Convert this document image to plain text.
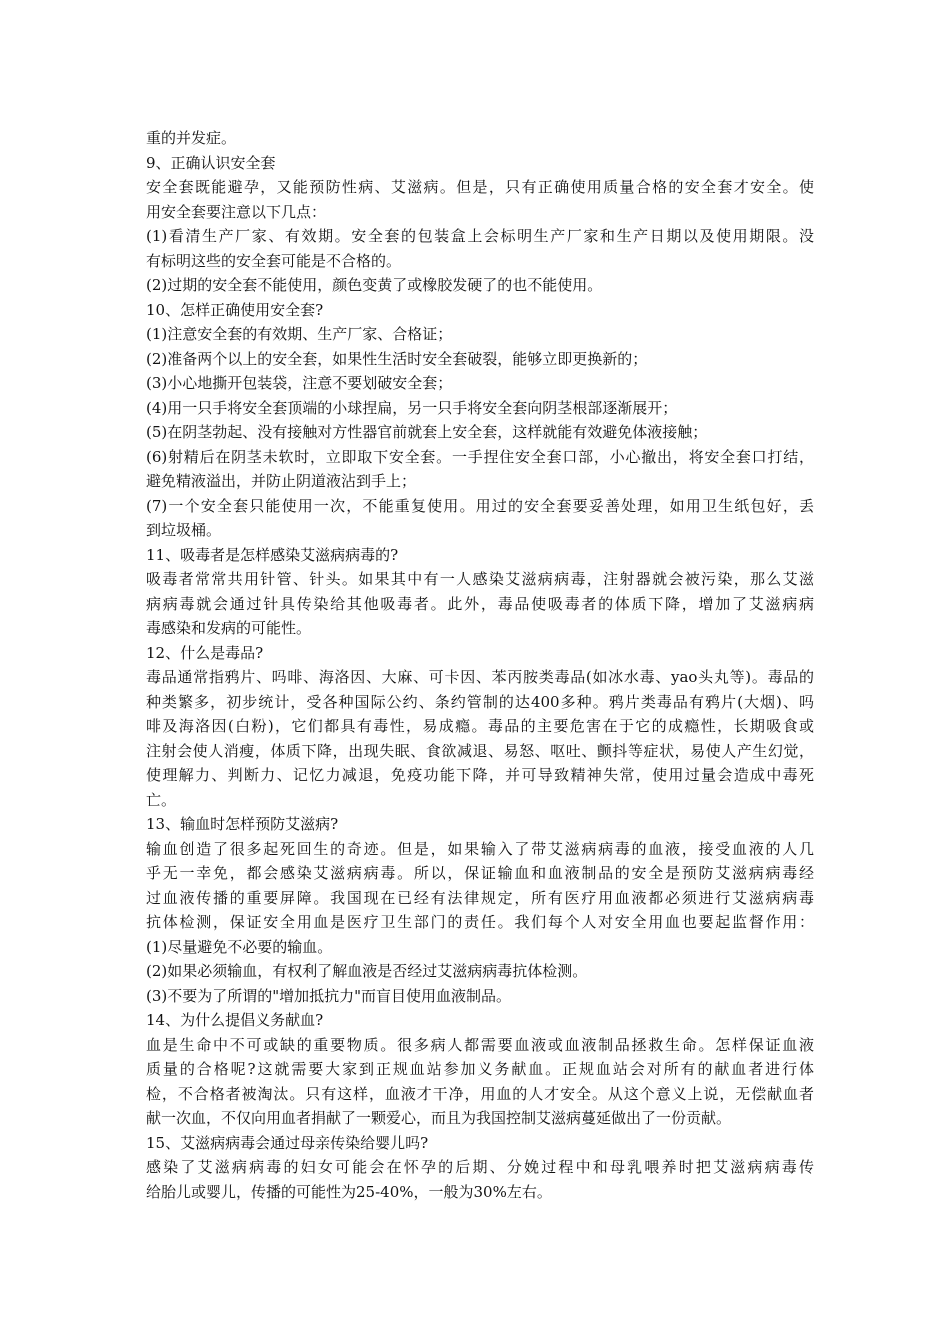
重的并发症。
9、正确认识安全套
安全套既能避孕，又能预防性病、艾滋病。但是，只有正确使用质量合格的安全套才安全。使
用安全套要注意以下几点：
(1)看清生产厂家、有效期。安全套的包装盒上会标明生产厂家和生产日期以及使用期限。没
有标明这些的安全套可能是不合格的。
(2)过期的安全套不能使用，颜色变黄了或橡胶发硬了的也不能使用。
10、怎样正确使用安全套?
(1)注意安全套的有效期、生产厂家、合格证；
(2)准备两个以上的安全套，如果性生活时安全套破裂，能够立即更换新的；
(3)小心地撕开包装袋，注意不要划破安全套；
(4)用一只手将安全套顶端的小球捏扁，另一只手将安全套向阴茎根部逐渐展开；
(5)在阴茎勃起、没有接触对方性器官前就套上安全套，这样就能有效避免体液接触；
(6)射精后在阴茎未软时，立即取下安全套。一手捏住安全套口部，小心撤出，将安全套口打结，
避免精液溢出，并防止阴道液沾到手上；
(7)一个安全套只能使用一次，不能重复使用。用过的安全套要妥善处理，如用卫生纸包好，丢
到垃圾桶。
11、吸毒者是怎样感染艾滋病病毒的?
吸毒者常常共用针管、针头。如果其中有一人感染艾滋病病毒，注射器就会被污染，那么艾滋
病病毒就会通过针具传染给其他吸毒者。此外，毒品使吸毒者的体质下降，增加了艾滋病病
毒感染和发病的可能性。
12、什么是毒品?
毒品通常指鸦片、吗啡、海洛因、大麻、可卡因、苯丙胺类毒品(如冰水毒、yao头丸等)。毒品的
种类繁多，初步统计，受各种国际公约、条约管制的达400多种。鸦片类毒品有鸦片(大烟)、吗
啡及海洛因(白粉)，它们都具有毒性，易成瘾。毒品的主要危害在于它的成瘾性，长期吸食或
注射会使人消瘦，体质下降，出现失眠、食欲减退、易怒、呕吐、颤抖等症状，易使人产生幻觉，
使理解力、判断力、记忆力减退，免疫功能下降，并可导致精神失常，使用过量会造成中毒死
亡。
13、输血时怎样预防艾滋病?
输血创造了很多起死回生的奇迹。但是，如果输入了带艾滋病病毒的血液，接受血液的人几
乎无一幸免，都会感染艾滋病病毒。所以，保证输血和血液制品的安全是预防艾滋病病毒经
过血液传播的重要屏障。我国现在已经有法律规定，所有医疗用血液都必须进行艾滋病病毒
抗体检测，保证安全用血是医疗卫生部门的责任。我们每个人对安全用血也要起监督作用：
(1)尽量避免不必要的输血。
(2)如果必须输血，有权利了解血液是否经过艾滋病病毒抗体检测。
(3)不要为了所谓的"增加抵抗力"而盲目使用血液制品。
14、为什么提倡义务献血?
血是生命中不可或缺的重要物质。很多病人都需要血液或血液制品拯救生命。怎样保证血液
质量的合格呢?这就需要大家到正规血站参加义务献血。正规血站会对所有的献血者进行体
检，不合格者被淘汰。只有这样，血液才干净，用血的人才安全。从这个意义上说，无偿献血者
献一次血，不仅向用血者捐献了一颗爱心，而且为我国控制艾滋病蔓延做出了一份贡献。
15、艾滋病病毒会通过母亲传染给婴儿吗?
感染了艾滋病病毒的妇女可能会在怀孕的后期、分娩过程中和母乳喂养时把艾滋病病毒传
给胎儿或婴儿，传播的可能性为25-40%，一般为30%左右。
